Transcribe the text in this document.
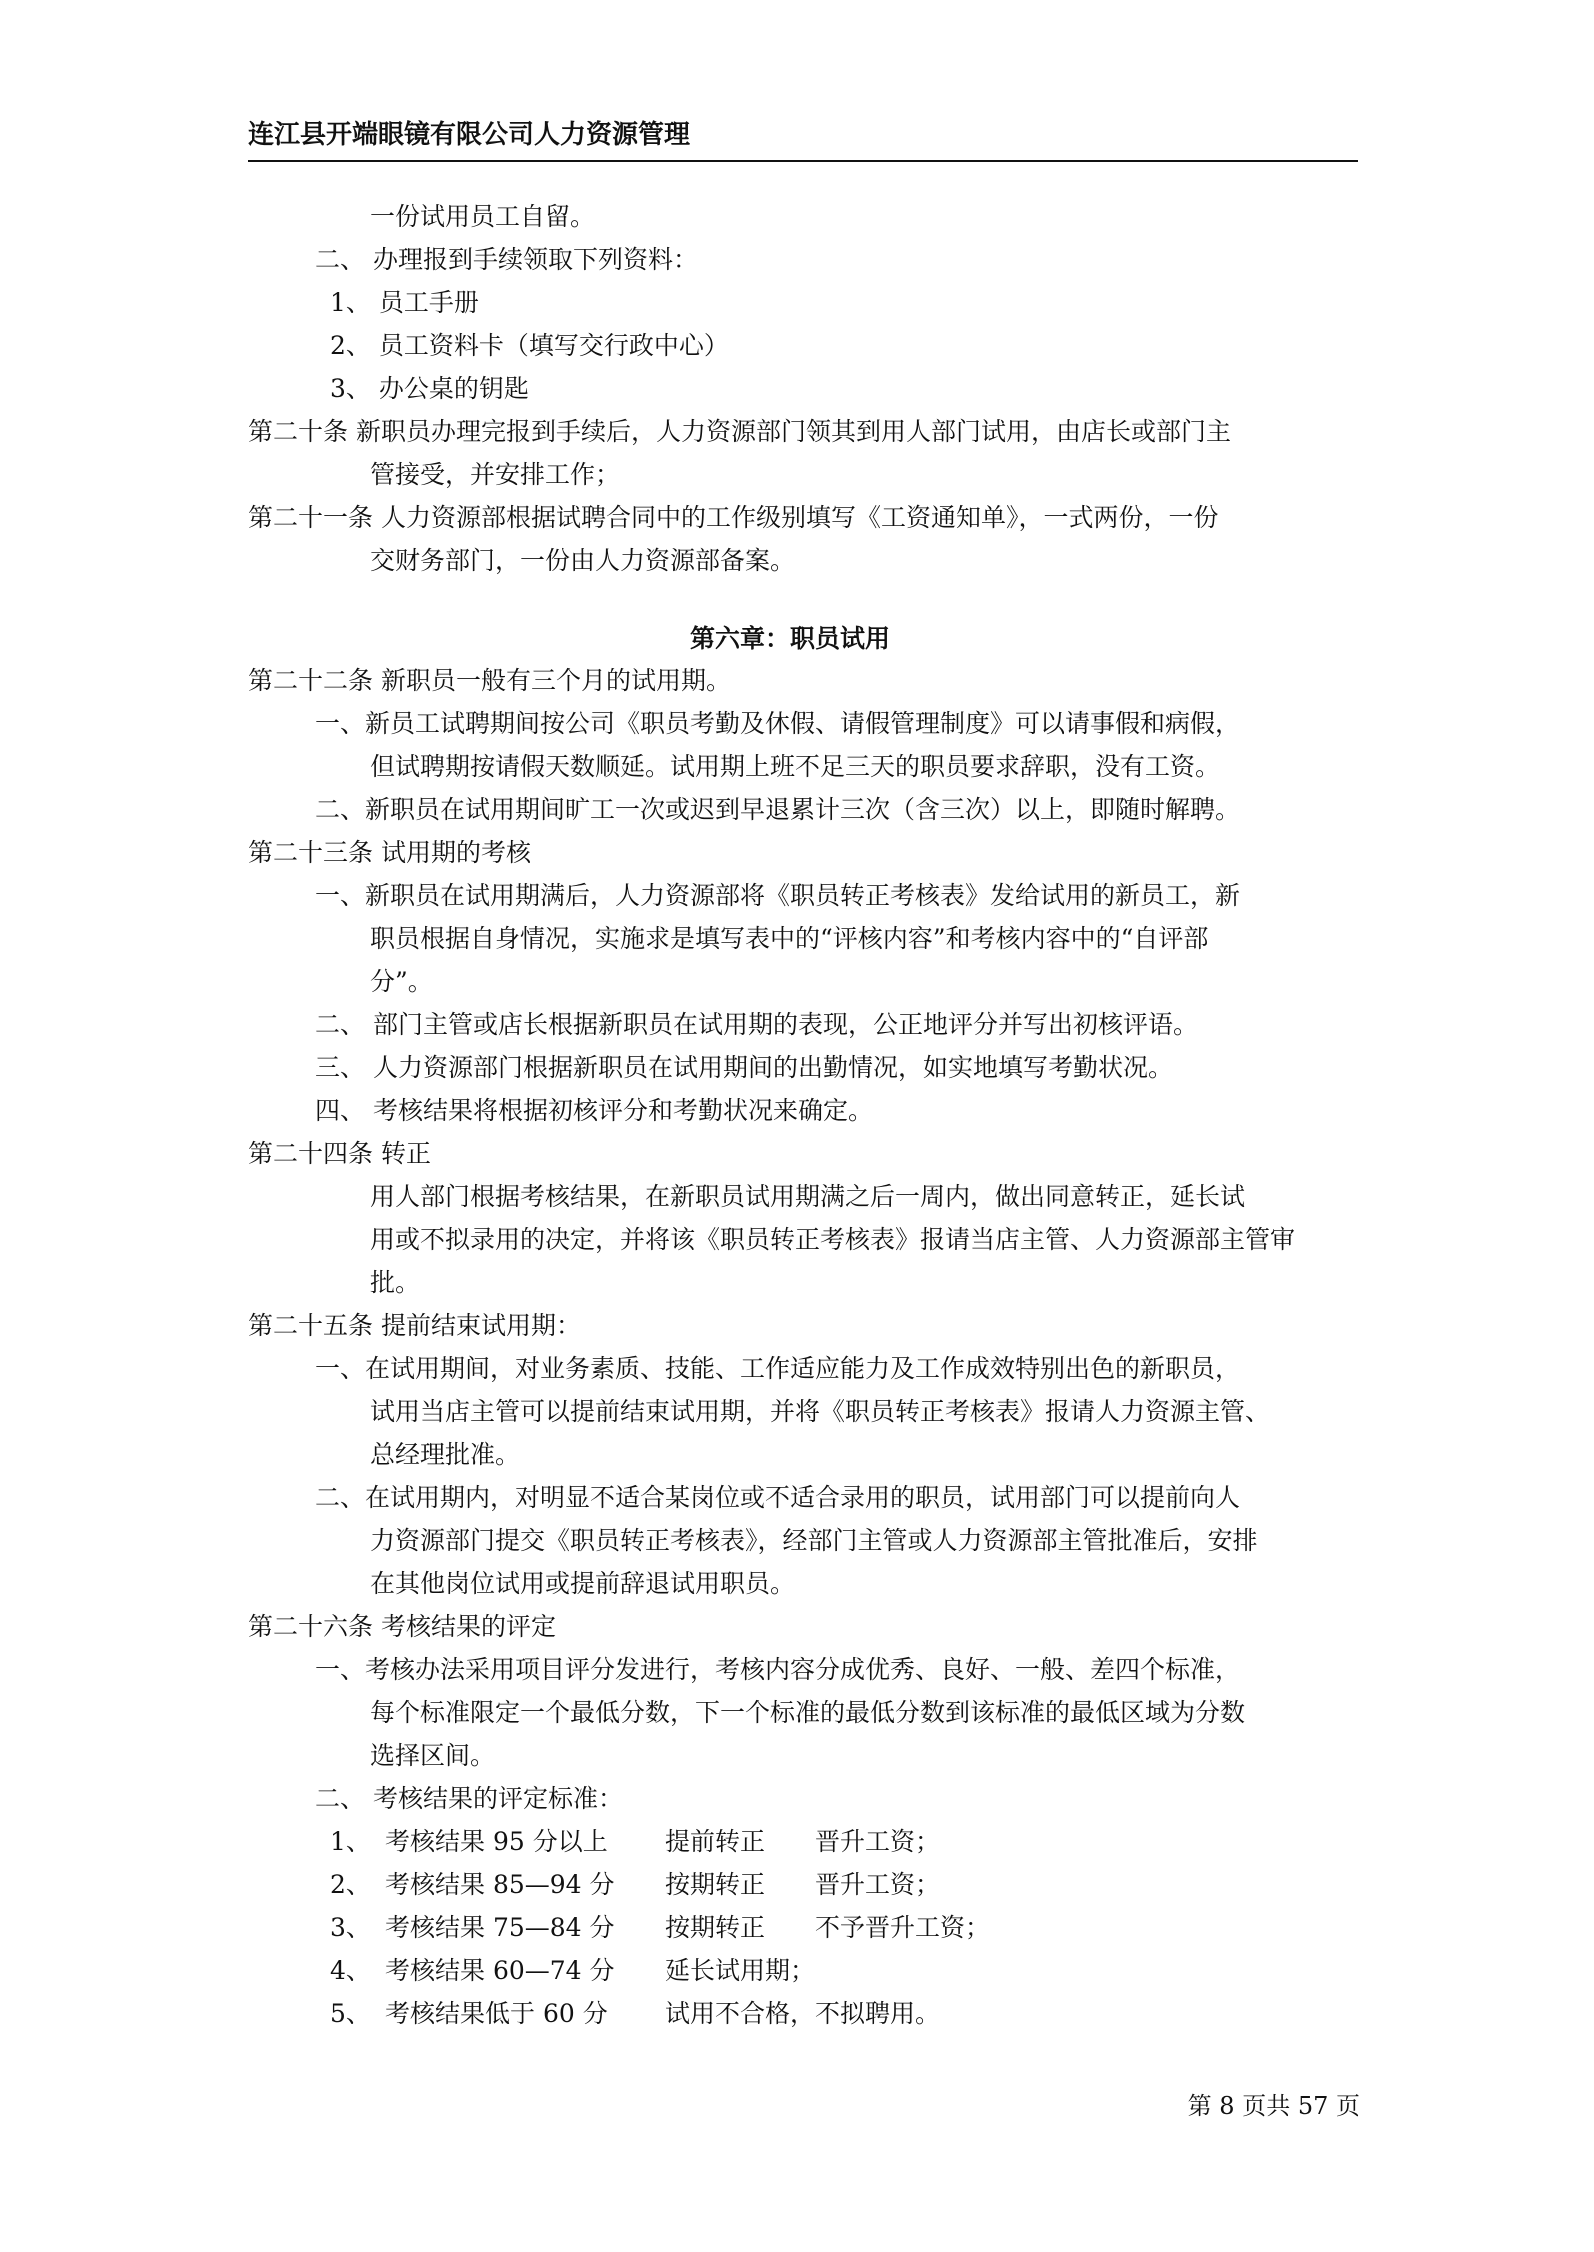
连江县开端眼镜有限公司人力资源管理
一份试用员工自留。
二、 办理报到手续领取下列资料：
1、 员工手册
2、 员工资料卡（填写交行政中心）
3、 办公桌的钥匙
第二十条 新职员办理完报到手续后，人力资源部门领其到用人部门试用，由店长或部门主
管接受，并安排工作；
第二十一条 人力资源部根据试聘合同中的工作级别填写《工资通知单》，一式两份，一份
交财务部门，一份由人力资源部备案。
第六章：职员试用
第二十二条 新职员一般有三个月的试用期。
一、新员工试聘期间按公司《职员考勤及休假、请假管理制度》可以请事假和病假，
但试聘期按请假天数顺延。试用期上班不足三天的职员要求辞职，没有工资。
二、新职员在试用期间旷工一次或迟到早退累计三次（含三次）以上，即随时解聘。
第二十三条 试用期的考核
一、新职员在试用期满后，人力资源部将《职员转正考核表》发给试用的新员工，新
职员根据自身情况，实施求是填写表中的“评核内容”和考核内容中的“自评部
分”。
二、 部门主管或店长根据新职员在试用期的表现，公正地评分并写出初核评语。
三、 人力资源部门根据新职员在试用期间的出勤情况，如实地填写考勤状况。
四、 考核结果将根据初核评分和考勤状况来确定。
第二十四条 转正
用人部门根据考核结果，在新职员试用期满之后一周内，做出同意转正，延长试
用或不拟录用的决定，并将该《职员转正考核表》报请当店主管、人力资源部主管审
批。
第二十五条 提前结束试用期：
一、在试用期间，对业务素质、技能、工作适应能力及工作成效特别出色的新职员，
试用当店主管可以提前结束试用期，并将《职员转正考核表》报请人力资源主管、
总经理批准。
二、在试用期内，对明显不适合某岗位或不适合录用的职员，试用部门可以提前向人
力资源部门提交《职员转正考核表》，经部门主管或人力资源部主管批准后，安排
在其他岗位试用或提前辞退试用职员。
第二十六条 考核结果的评定
一、考核办法采用项目评分发进行，考核内容分成优秀、良好、一般、差四个标准，
每个标准限定一个最低分数，下一个标准的最低分数到该标准的最低区域为分数
选择区间。
二、 考核结果的评定标准：
1、 考核结果 95 分以上 提前转正 晋升工资；
2、 考核结果 85—94 分 按期转正 晋升工资；
3、 考核结果 75—84 分 按期转正 不予晋升工资；
4、 考核结果 60—74 分 延长试用期；
5、 考核结果低于 60 分 试用不合格，不拟聘用。
第 8 页共 57 页
